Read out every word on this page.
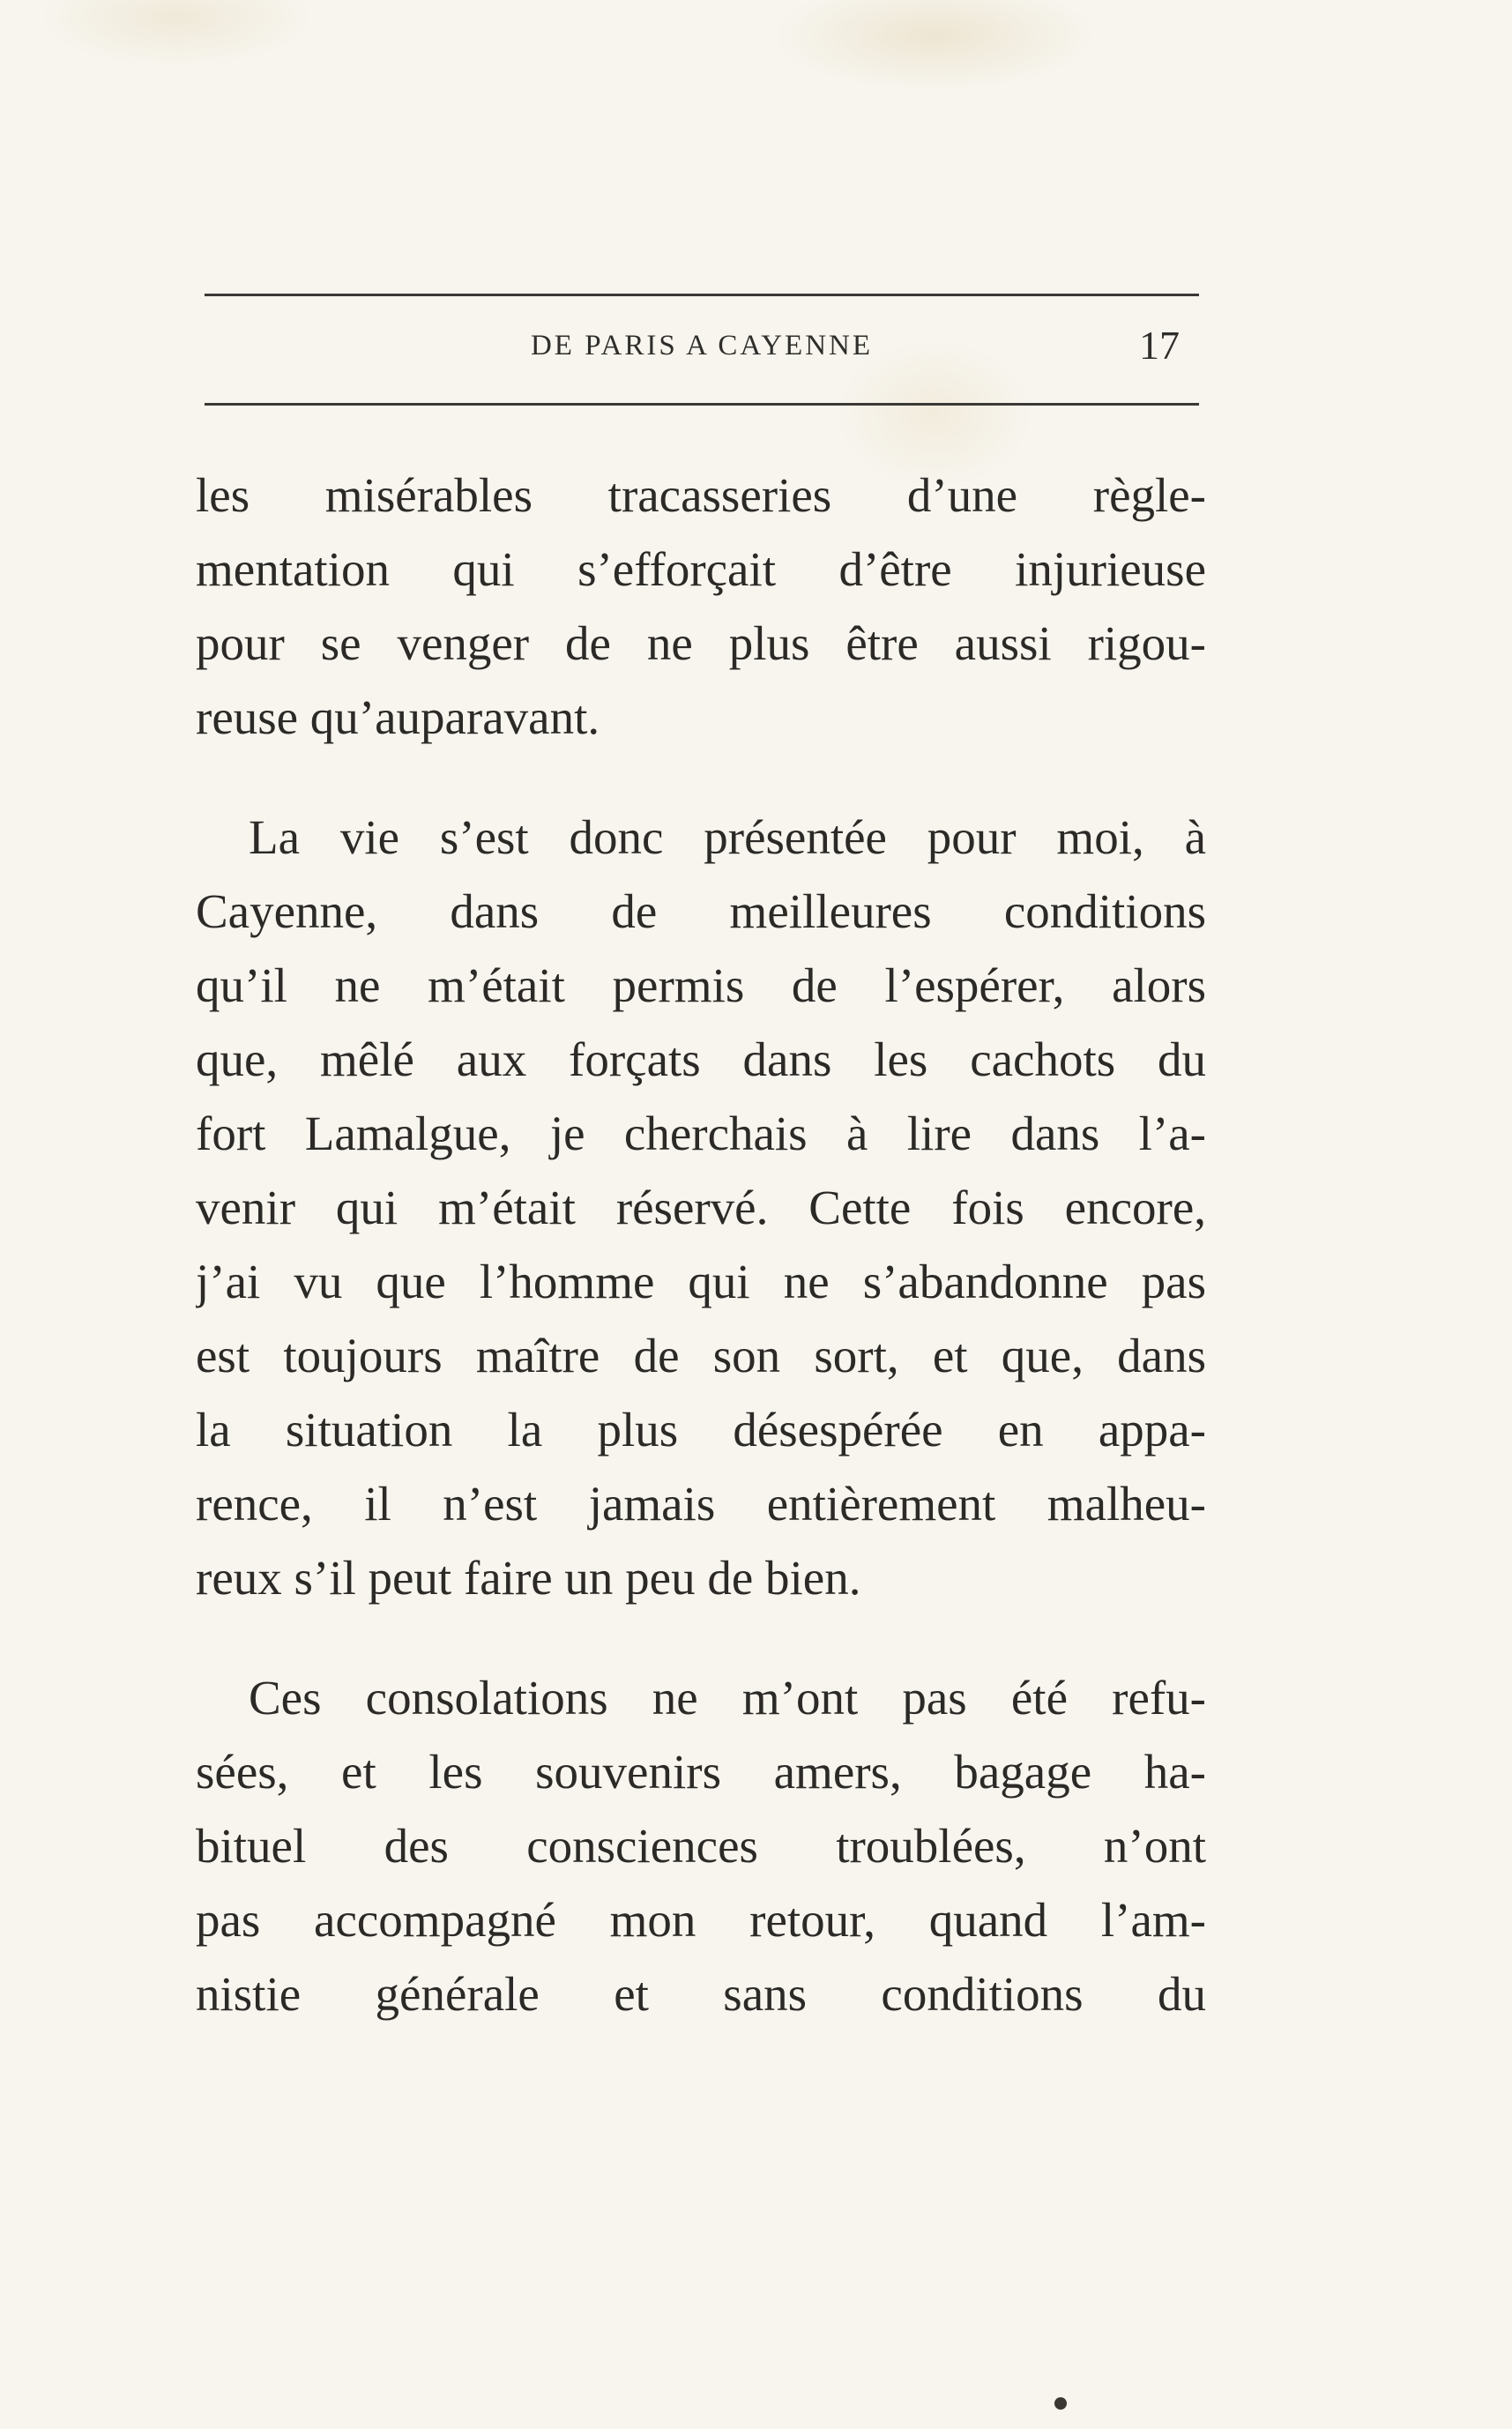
DE PARIS A CAYENNE	17
les misérables tracasseries d’une règle-
mentation qui s’efforçait d’être injurieuse
pour se venger de ne plus être aussi rigou-
reuse qu’auparavant.
La vie s’est donc présentée pour moi, à
Cayenne, dans de meilleures conditions
qu’il ne m’était permis de l’espérer, alors
que, mêlé aux forçats dans les cachots du
fort Lamalgue, je cherchais à lire dans l’a-
venir qui m’était réservé. Cette fois encore,
j’ai vu que l’homme qui ne s’abandonne pas
est toujours maître de son sort, et que, dans
la situation la plus désespérée en appa-
rence, il n’est jamais entièrement malheu-
reux s’il peut faire un peu de bien.
Ces consolations ne m’ont pas été refu-
sées, et les souvenirs amers, bagage ha-
bituel des consciences troublées, n’ont
pas accompagné mon retour, quand l’am-
nistie générale et sans conditions du
